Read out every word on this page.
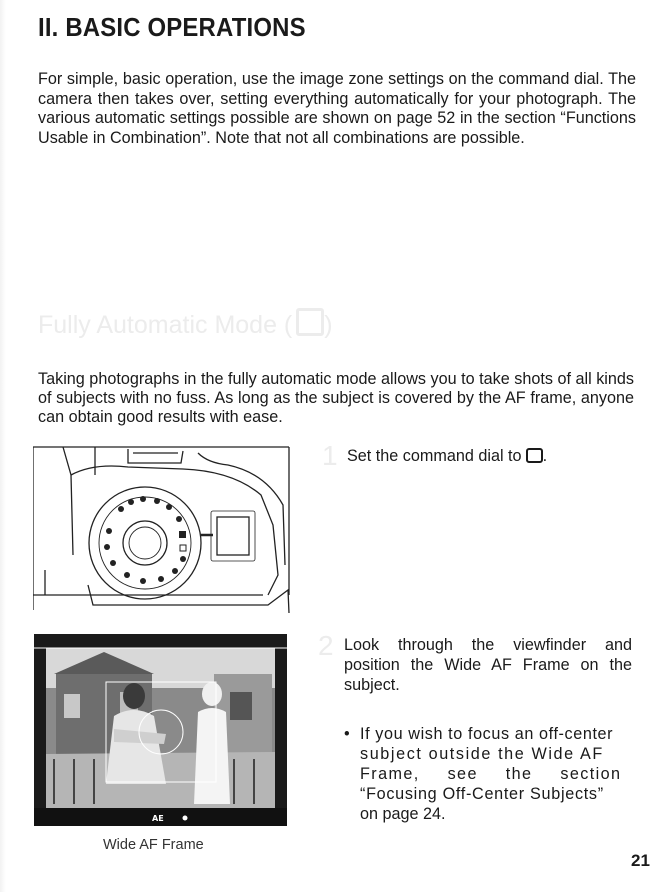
II. BASIC OPERATIONS
For simple, basic operation, use the image zone settings on the command dial. The camera then takes over, setting everything automatically for your photograph. The various automatic settings possible are shown on page 52 in the section “Functions Usable in Combination”. Note that not all combinations are possible.
Fully Automatic Mode ( )
Taking photographs in the fully automatic mode allows you to take shots of all kinds of subjects with no fuss. As long as the subject is covered by the AF frame, anyone can obtain good results with ease.
1 Set the command dial to .
AE
Wide AF Frame
2 Look through the viewfinder and position the Wide AF Frame on the subject.
• If you wish to focus an off-center
subject outside the Wide AF
Frame, see the section
“Focusing Off-Center Subjects”
on page 24.
21
